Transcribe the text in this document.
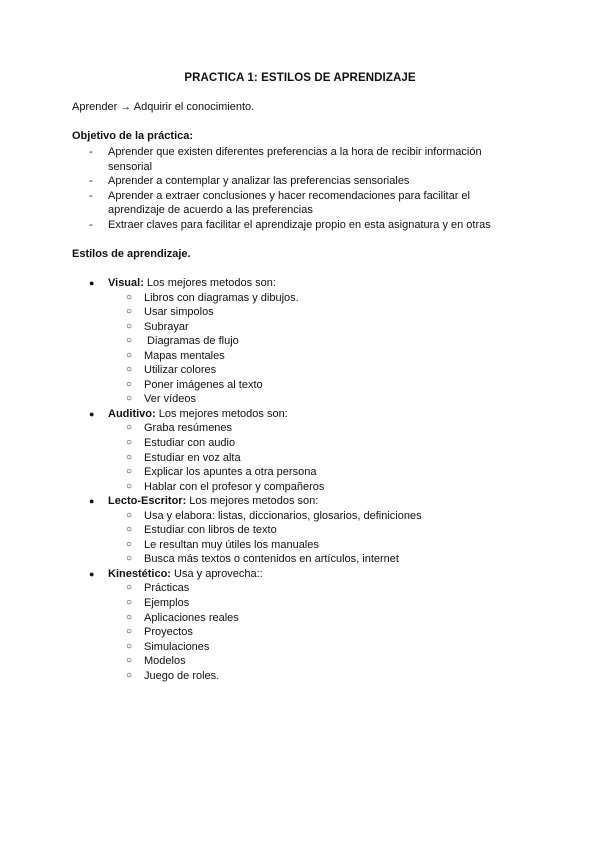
PRACTICA 1: ESTILOS DE APRENDIZAJE
Aprender → Adquirir el conocimiento.
Objetivo de la práctica:
- Aprender que existen diferentes preferencias a la hora de recibir información sensorial
- Aprender a contemplar y analizar las preferencias sensoriales
- Aprender a extraer conclusiones y hacer recomendaciones para facilitar el aprendizaje de acuerdo a las preferencias
- Extraer claves para facilitar el aprendizaje propio en esta asignatura y en otras
Estilos de aprendizaje.
● Visual: Los mejores metodos son:
○ Libros con diagramas y dibujos.
○ Usar simpolos
○ Subrayar
○ Diagramas de flujo
○ Mapas mentales
○ Utilizar colores
○ Poner imágenes al texto
○ Ver vídeos
● Auditivo: Los mejores metodos son:
○ Graba resúmenes
○ Estudiar con audio
○ Estudiar en voz alta
○ Explicar los apuntes a otra persona
○ Hablar con el profesor y compañeros
● Lecto-Escritor: Los mejores metodos son:
○ Usa y elabora: listas, diccionarios, glosarios, definiciones
○ Estudiar con libros de texto
○ Le resultan muy útiles los manuales
○ Busca más textos o contenidos en artículos, internet
● Kinestético: Usa y aprovecha::
○ Prácticas
○ Ejemplos
○ Aplicaciones reales
○ Proyectos
○ Simulaciones
○ Modelos
○ Juego de roles.
